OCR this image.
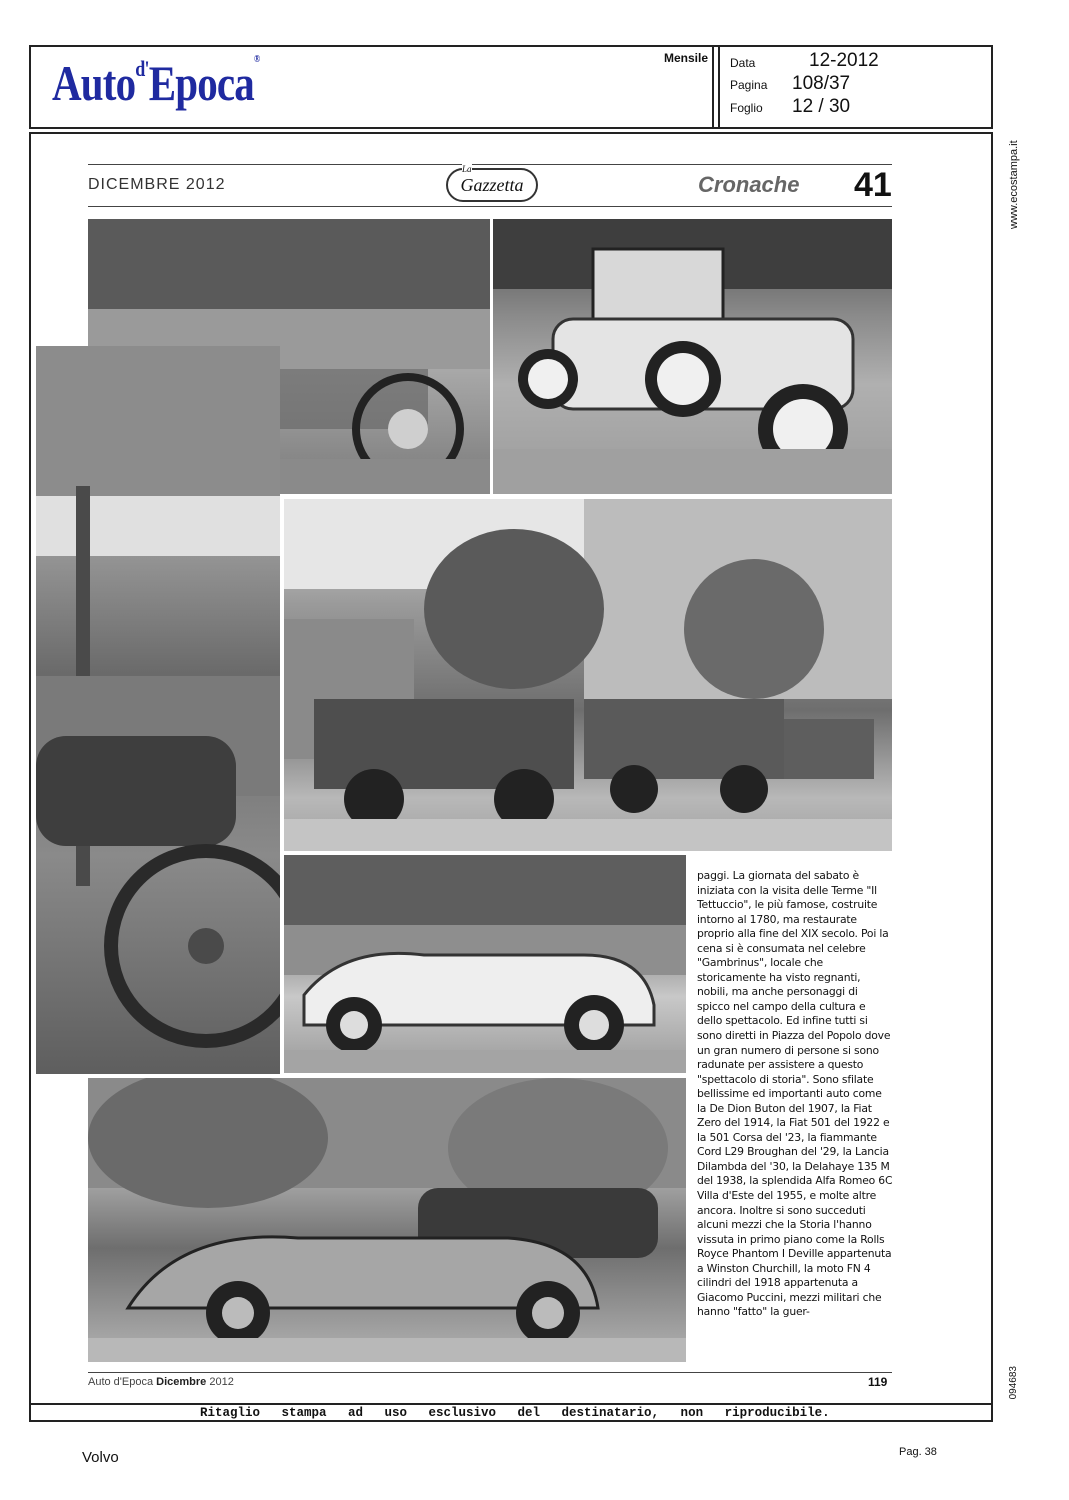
Auto$^{d'}$Epoca®	Mensile Data	12-2012
Pagina 108/37
Foglio 12 / 30
www.ecostampa.it
094683
Ritaglio stampa ad uso esclusivo del destinatario, non riproducibile.
DICEMBRE 2012
La
Gazzetta	Cronache 41

paggi. La giornata del sabato è iniziata con la visita delle Terme "Il Tettuccio", le più famose, costruite intorno al 1780, ma restaurate proprio alla fine del XIX secolo. Poi la cena si è consumata nel celebre "Gambrinus", locale che storicamente ha visto regnanti, nobili, ma anche personaggi di spicco nel campo della cultura e dello spettacolo. Ed infine tutti si sono diretti in Piazza del Popolo dove un gran numero di persone si sono radunate per assistere a questo "spettacolo di storia". Sono sfilate bellissime ed importanti auto come la De Dion Buton del 1907, la Fiat Zero del 1914, la Fiat 501 del 1922 e la 501 Corsa del '23, la fiammante Cord L29 Broughan del '29, la Lancia Dilambda del '30, la Delahaye 135 M del 1938, la splendida Alfa Romeo 6C Villa d'Este del 1955, e molte altre ancora. Inoltre si sono succeduti alcuni mezzi che la Storia l'hanno vissuta in primo piano come la Rolls Royce Phantom I Deville appartenuta a Winston Churchill, la moto FN 4 cilindri del 1918 appartenuta a Giacomo Puccini, mezzi militari che hanno "fatto" la guer-

Auto d'Epoca Dicembre 2012	119
Volvo	Pag. 38
